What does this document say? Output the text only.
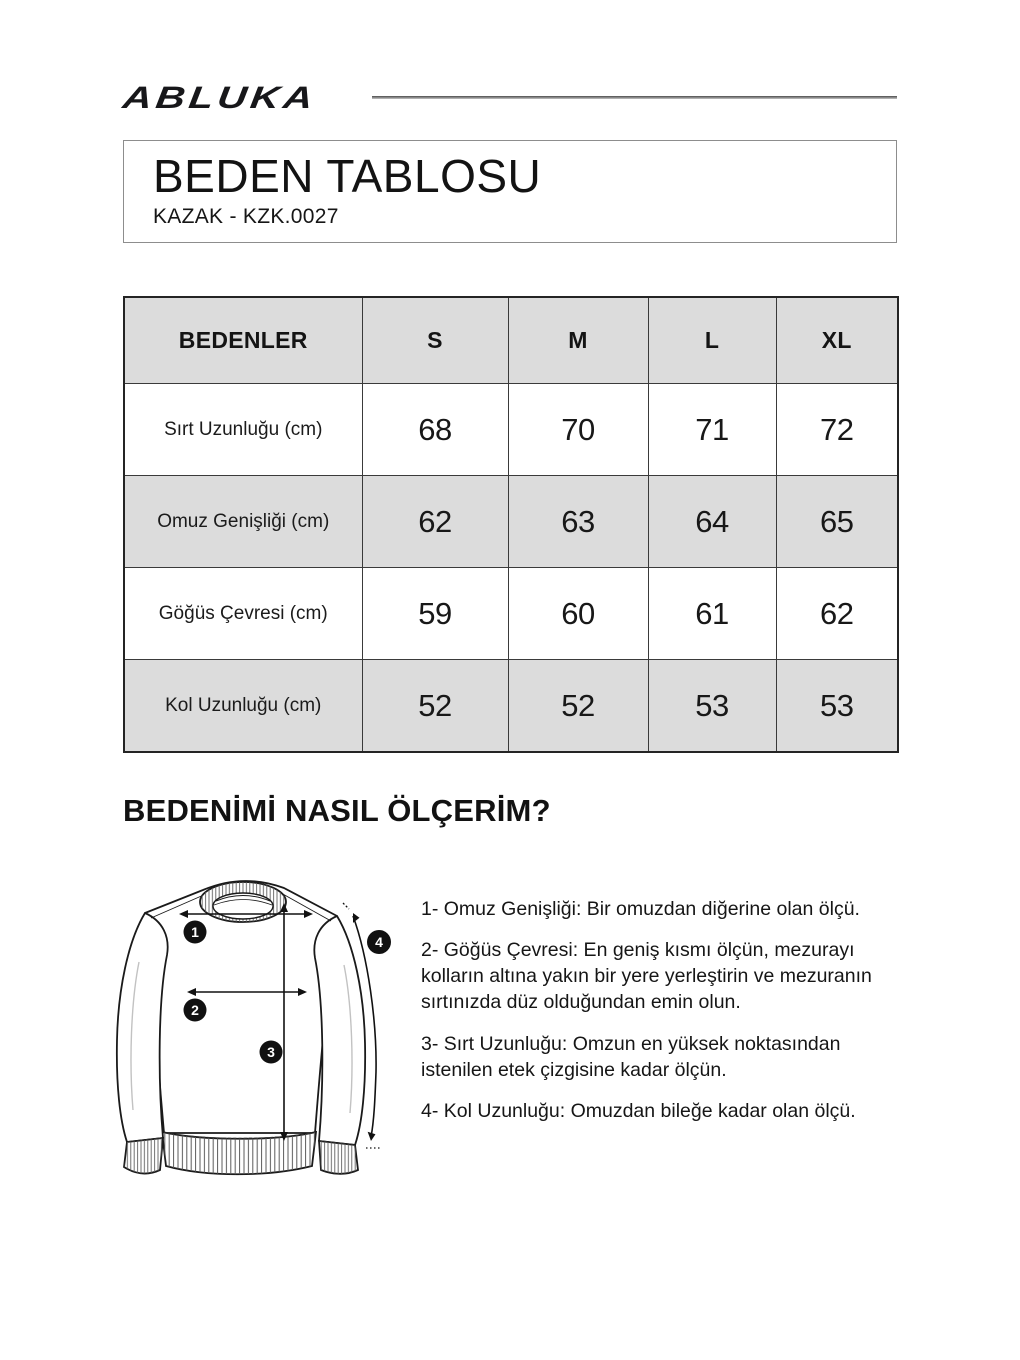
ABLUKA
BEDEN TABLOSU
KAZAK - KZK.0027
BEDENLER	S	M	L	XL
Sırt Uzunluğu (cm)	68	70	71	72
Omuz Genişliği (cm)	62	63	64	65
Göğüs Çevresi (cm)	59	60	61	62
Kol Uzunluğu (cm)	52	52	53	53
BEDENİMİ NASIL ÖLÇERİM?
1
2
3
4

1- Omuz Genişliği: Bir omuzdan diğerine olan ölçü.

2- Göğüs Çevresi: En geniş kısmı ölçün, mezurayı kolların altına yakın bir yere yerleştirin ve mezuranın sırtınızda düz olduğundan emin olun.

3- Sırt Uzunluğu: Omzun en yüksek noktasından istenilen etek çizgisine kadar ölçün.

4- Kol Uzunluğu: Omuzdan bileğe kadar olan ölçü.
